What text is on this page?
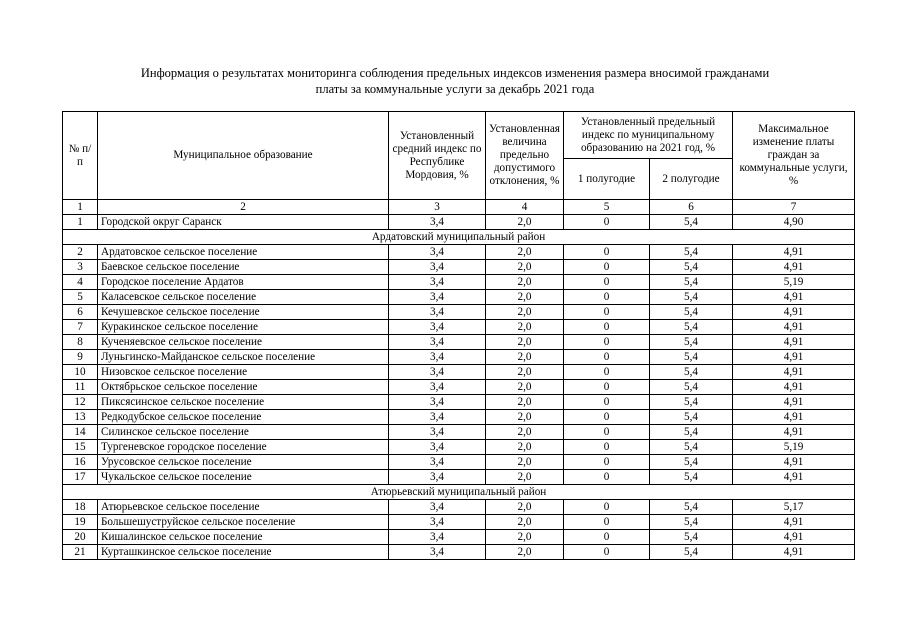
Информация о результатах мониторинга соблюдения предельных индексов изменения размера вносимой гражданами
платы за коммунальные услуги за декабрь 2021 года
№ п/п	Муниципальное образование	Установленный средний индекс по Республике Мордовия, %	Установленная величина предельно допустимого отклонения, %	Установленный предельный индекс по муниципальному образованию на 2021 год, %		Максимальное изменение платы граждан за коммунальные услуги, %
				1 полугодие	2 полугодие	
1	2	3	4	5	6	7
1	Городской округ Саранск	3,4	2,0	0	5,4	4,90
Ардатовский муниципальный район						
2	Ардатовское сельское поселение	3,4	2,0	0	5,4	4,91
3	Баевское сельское поселение	3,4	2,0	0	5,4	4,91
4	Городское поселение Ардатов	3,4	2,0	0	5,4	5,19
5	Каласевское сельское поселение	3,4	2,0	0	5,4	4,91
6	Кечушевское сельское поселение	3,4	2,0	0	5,4	4,91
7	Куракинское сельское поселение	3,4	2,0	0	5,4	4,91
8	Кученяевское сельское поселение	3,4	2,0	0	5,4	4,91
9	Луньгинско-Майданское сельское поселение	3,4	2,0	0	5,4	4,91
10	Низовское сельское поселение	3,4	2,0	0	5,4	4,91
11	Октябрьское сельское поселение	3,4	2,0	0	5,4	4,91
12	Пиксясинское сельское поселение	3,4	2,0	0	5,4	4,91
13	Редкодубское сельское поселение	3,4	2,0	0	5,4	4,91
14	Силинское сельское поселение	3,4	2,0	0	5,4	4,91
15	Тургеневское городское поселение	3,4	2,0	0	5,4	5,19
16	Урусовское сельское поселение	3,4	2,0	0	5,4	4,91
17	Чукальское сельское поселение	3,4	2,0	0	5,4	4,91
Атюрьевский муниципальный район						
18	Атюрьевское сельское поселение	3,4	2,0	0	5,4	5,17
19	Большешуструйское сельское поселение	3,4	2,0	0	5,4	4,91
20	Кишалинское сельское поселение	3,4	2,0	0	5,4	4,91
21	Курташкинское сельское поселение	3,4	2,0	0	5,4	4,91
